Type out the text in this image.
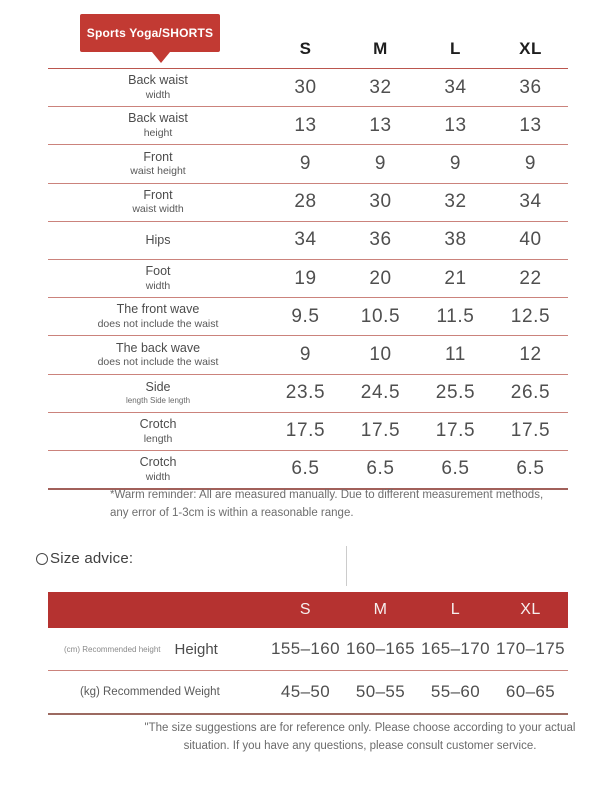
Sports Yoga/SHORTS
S	M	L	XL
Back waist
width	30	32	34	36
Back waist
height	13	13	13	13
Front
waist height	9	9	9	9
Front
waist width	28	30	32	34
Hips	34	36	38	40
Foot
width	19	20	21	22
The front wave
does not include the waist	9.5	10.5	11.5	12.5
The back wave
does not include the waist	9	10	11	12
Side
length Side length	23.5	24.5	25.5	26.5
Crotch
length	17.5	17.5	17.5	17.5
Crotch
width	6.5	6.5	6.5	6.5

*Warm reminder: All are measured manually. Due to different measurement methods, any error of 1-3cm is within a reasonable range.

Size advice:
S	M	L	XL
(cm) Recommended height Height	155–160 160–165 165–170 170–175
(kg) Recommended Weight	45–50	50–55	55–60	60–65

"The size suggestions are for reference only. Please choose according to your actual situation. If you have any questions, please consult customer service.
